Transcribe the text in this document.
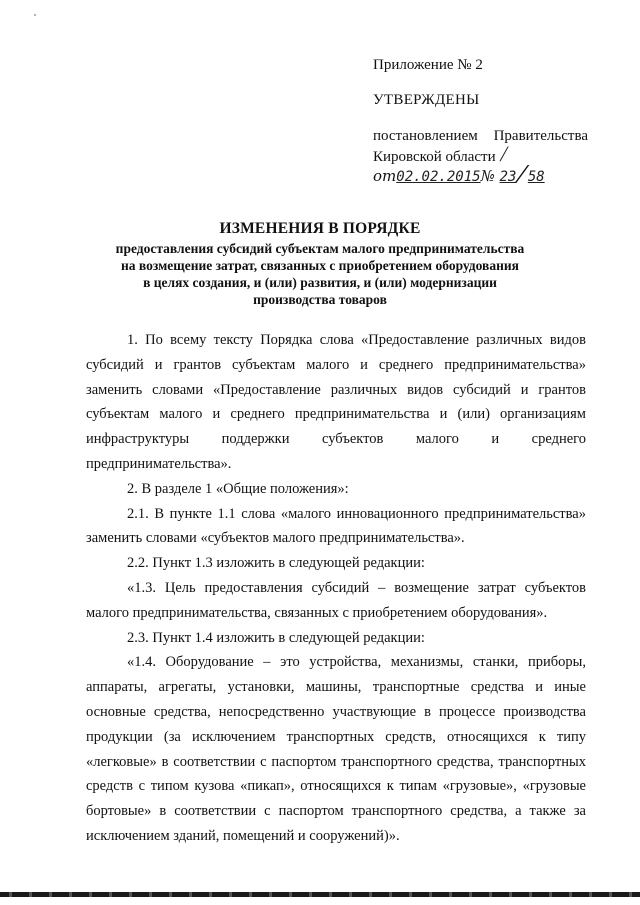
Приложение № 2
УТВЕРЖДЕНЫ
постановлением Правительства
Кировской области /
от02.02.2015№ 23/58
ИЗМЕНЕНИЯ В ПОРЯДКЕ
предоставления субсидий субъектам малого предпринимательства
на возмещение затрат, связанных с приобретением оборудования
в целях создания, и (или) развития, и (или) модернизации
производства товаров

1. По всему тексту Порядка слова «Предоставление различных видов субсидий и грантов субъектам малого и среднего предпринимательства» заменить словами «Предоставление различных видов субсидий и грантов субъектам малого и среднего предпринимательства и (или) организациям инфраструктуры поддержки субъектов малого и среднего предпринимательства».

2. В разделе 1 «Общие положения»:

2.1. В пункте 1.1 слова «малого инновационного предпринимательства» заменить словами «субъектов малого предпринимательства».

2.2. Пункт 1.3 изложить в следующей редакции:

«1.3. Цель предоставления субсидий – возмещение затрат субъектов малого предпринимательства, связанных с приобретением оборудования».

2.3. Пункт 1.4 изложить в следующей редакции:

«1.4. Оборудование – это устройства, механизмы, станки, приборы, аппараты, агрегаты, установки, машины, транспортные средства и иные основные средства, непосредственно участвующие в процессе производства продукции (за исключением транспортных средств, относящихся к типу «легковые» в соответствии с паспортом транспортного средства, транспортных средств с типом кузова «пикап», относящихся к типам «грузовые», «грузовые бортовые» в соответствии с паспортом транспортного средства, а также за исключением зданий, помещений и сооружений)».
